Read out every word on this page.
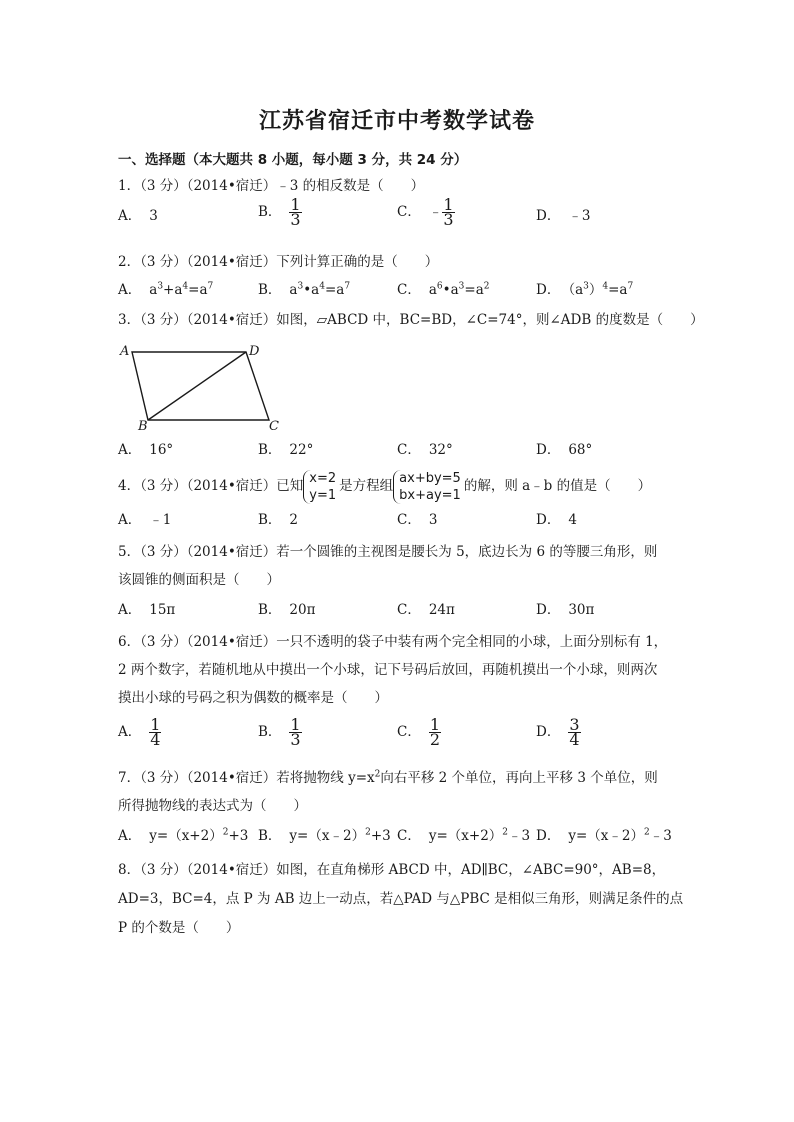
江苏省宿迁市中考数学试卷
一、选择题（本大题共 8 小题，每小题 3 分，共 24 分）
1．（3 分）（2014•宿迁）﹣3 的相反数是（　　）
A． 3	B． $\frac{1}{3}$	C． ﹣ $\frac{1}{3}$	D． ﹣3
2．（3 分）（2014•宿迁）下列计算正确的是（　　）
A． $a^3+a^4=a^7$	B． $a^3•a^4=a^7$	C． $a^6•a^3=a^2$	D． $(a^3)^4=a^7$
3．（3 分）（2014•宿迁）如图，▱ABCD 中，BC=BD，∠C=74°，则∠ADB 的度数是（　　）
A	D
B	C
A． 16°	B． 22°	C． 32°	D． 68°
4．（3 分）（2014•宿迁）已知 x=2
y=1
是方程组 ax+by=5
bx+ay=1
的解，则 a﹣b 的值是（　　）
A． ﹣1	B． 2	C． 3	D． 4
5．（3 分）（2014•宿迁）若一个圆锥的主视图是腰长为 5，底边长为 6 的等腰三角形，则
该圆锥的侧面积是（　　）
A． 15π	B． 20π	C． 24π	D． 30π
6．（3 分）（2014•宿迁）一只不透明的袋子中装有两个完全相同的小球，上面分别标有 1，
2 两个数字，若随机地从中摸出一个小球，记下号码后放回，再随机摸出一个小球，则两次
摸出小球的号码之积为偶数的概率是（　　）
A． $\frac{1}{4}$	B． $\frac{1}{3}$	C． $\frac{1}{2}$	D． $\frac{3}{4}$
7．（3 分）（2014•宿迁）若将抛物线 $y=x^2$向右平移 2 个单位，再向上平移 3 个单位，则
所得抛物线的表达式为（　　）
A． $y=(x+2)^2+3$ B． y=（x﹣2）$^2$+3 C． $y=(x+2)^2﹣3$ D． y=（x﹣2）$^2$﹣3
8．（3 分）（2014•宿迁）如图，在直角梯形 ABCD 中，AD∥BC，∠ABC=90°，AB=8，
AD=3，BC=4，点 P 为 AB 边上一动点，若△PAD 与△PBC 是相似三角形，则满足条件的点
P 的个数是（　　）
